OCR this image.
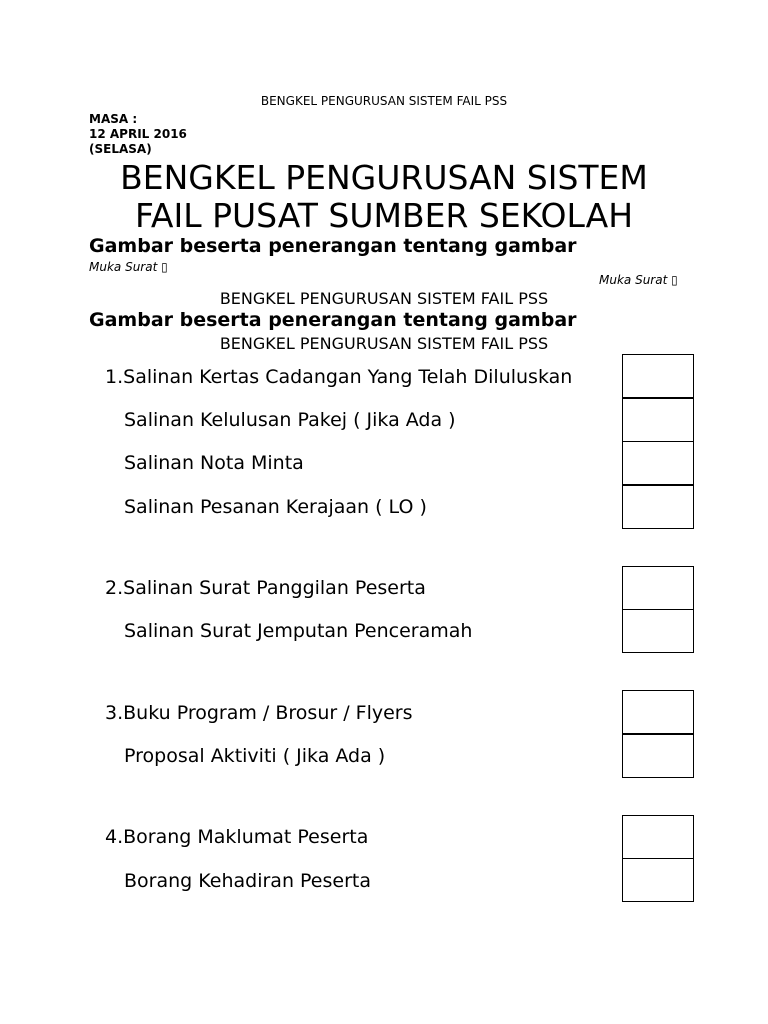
BENGKEL PENGURUSAN SISTEM FAIL PSS
MASA :
12 APRIL 2016
(SELASA)
BENGKEL PENGURUSAN SISTEM
FAIL PUSAT SUMBER SEKOLAH
Gambar beserta penerangan tentang gambar
Muka Surat ▯
Muka Surat ▯
BENGKEL PENGURUSAN SISTEM FAIL PSS
Gambar beserta penerangan tentang gambar
BENGKEL PENGURUSAN SISTEM FAIL PSS
1.Salinan Kertas Cadangan Yang Telah Diluluskan
Salinan Kelulusan Pakej ( Jika Ada )
Salinan Nota Minta
Salinan Pesanan Kerajaan ( LO )
2.Salinan Surat Panggilan Peserta
Salinan Surat Jemputan Penceramah
3.Buku Program / Brosur / Flyers
Proposal Aktiviti ( Jika Ada )
4.Borang Maklumat Peserta
Borang Kehadiran Peserta
